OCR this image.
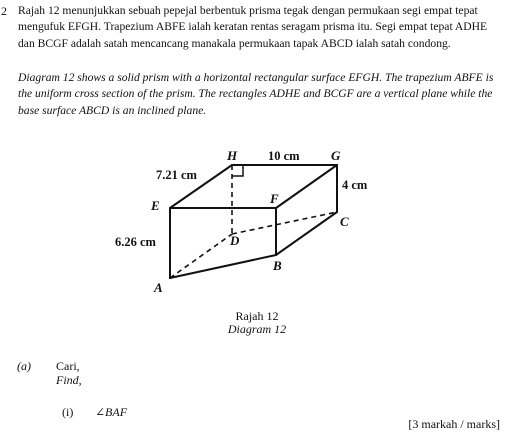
2 Rajah 12 menunjukkan sebuah pepejal berbentuk prisma tegak dengan permukaan segi empat tepat mengufuk EFGH. Trapezium ABFE ialah keratan rentas seragam prisma itu. Segi empat tepat ADHE dan BCGF adalah satah mencancang manakala permukaan tapak ABCD ialah satah condong.

Diagram 12 shows a solid prism with a horizontal rectangular surface EFGH. The trapezium ABFE is the uniform cross section of the prism. The rectangles ADHE and BCGF are a vertical plane while the base surface ABCD is an inclined plane.

H	G
E	F
C
D
B
A
10 cm
4 cm
7.21 cm
6.26 cm
Rajah 12
Diagram 12
(a) Cari,
Find,
(i) ∠BAF
[3 markah / marks]
